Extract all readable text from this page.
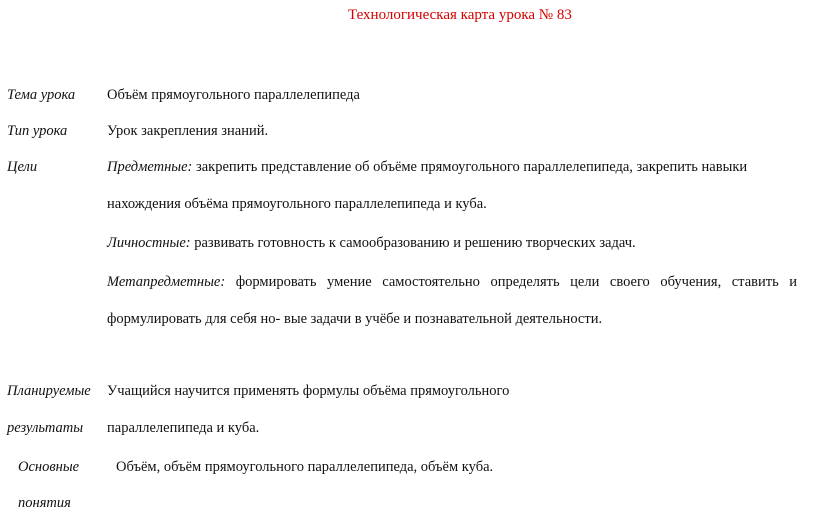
Технологическая карта урока № 83
Тема урока Объём прямоугольного параллелепипеда
Тип урока	Урок закрепления знаний.
Цели	Предметные: закрепить представление об объёме прямоугольного параллелепипеда, закрепить навыки
нахождения объёма прямоугольного параллелепипеда и куба.
Личностные: развивать готовность к самообразованию и решению творческих задач.
Метапредметные: формировать умение самостоятельно определять цели своего обучения, ставить и
формулировать для себя но- вые задачи в учёбе и познавательной деятельности.
Планируемые
результаты
Учащийся научится применять формулы объёма прямоугольного
параллелепипеда и куба.
Основные
понятия
Объём, объём прямоугольного параллелепипеда, объём куба.
